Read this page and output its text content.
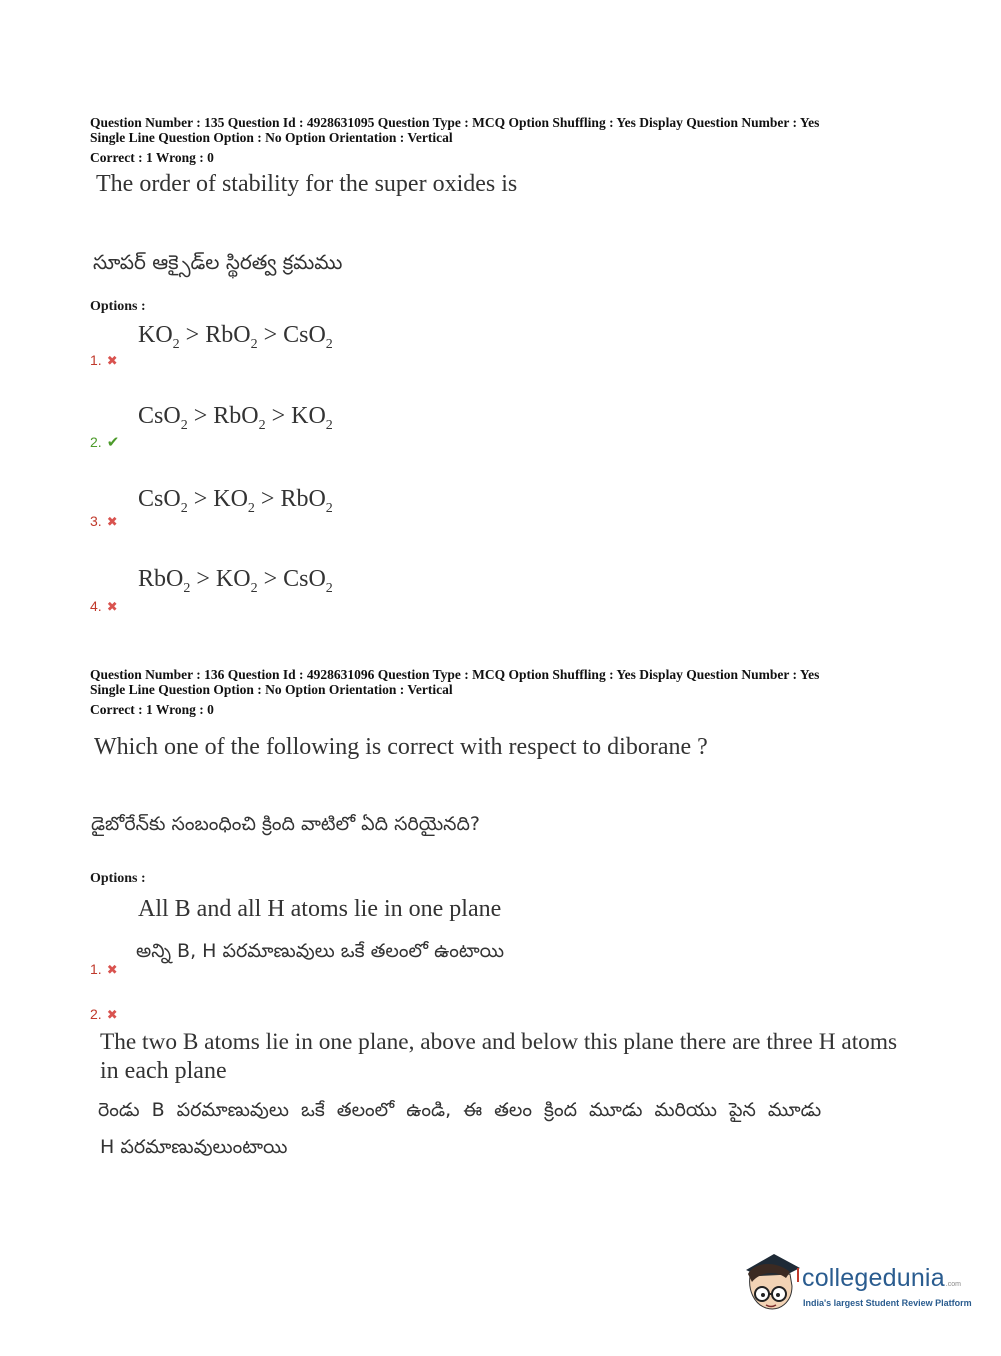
Question Number : 135 Question Id : 4928631095 Question Type : MCQ Option Shuffling : Yes Display Question Number : Yes
Single Line Question Option : No Option Orientation : Vertical
Correct : 1 Wrong : 0
The order of stability for the super oxides is
సూపర్ ఆక్సైడ్‌ల స్థిరత్వ క్రమము
Options :
$KO_2 > RbO_2 > CsO_2$
1. ✖
$CsO_2 > RbO_2 > KO_2$
2. ✔
$CsO_2 > KO_2 > RbO_2$
3. ✖
$RbO_2 > KO_2 > CsO_2$
4. ✖
Question Number : 136 Question Id : 4928631096 Question Type : MCQ Option Shuffling : Yes Display Question Number : Yes
Single Line Question Option : No Option Orientation : Vertical
Correct : 1 Wrong : 0
Which one of the following is correct with respect to diborane ?
డైబోరేన్‌కు సంబంధించి క్రింది వాటిలో ఏది సరియైనది?
Options :
All B and all H atoms lie in one plane
అన్ని B, H పరమాణువులు ఒకే తలంలో ఉంటాయి
1. ✖
2. ✖
The two B atoms lie in one plane, above and below this plane there are three H atoms
in each plane
రెండు B పరమాణువులు ఒకే తలంలో ఉండి, ఈ తలం క్రింద మూడు మరియు పైన మూడు
H పరమాణువులుంటాయి
collegedunia.com
India's largest Student Review Platform
